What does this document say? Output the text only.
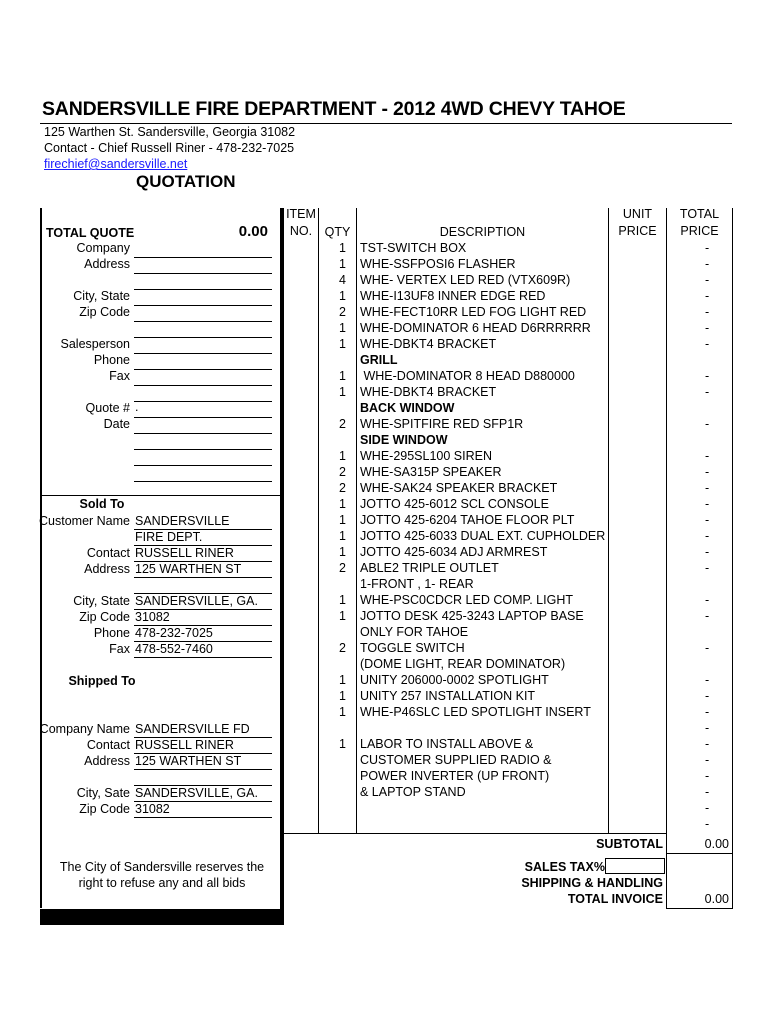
SANDERSVILLE FIRE DEPARTMENT - 2012 4WD CHEVY TAHOE
125 Warthen St. Sandersville, Georgia 31082
Contact - Chief Russell Riner - 478-232-7025
firechief@sandersville.net
QUOTATION
TOTAL QUOTE	0.00
Company
Address
City, State
Zip Code
Salesperson
Phone
Fax
Quote # .
Date
Sold To
Customer Name SANDERSVILLE
FIRE DEPT.
Contact RUSSELL RINER
Address 125 WARTHEN ST
City, State SANDERSVILLE, GA.
Zip Code 31082
Phone 478-232-7025
Fax 478-552-7460
Shipped To
Company Name SANDERSVILLE FD
Contact RUSSELL RINER
Address 125 WARTHEN ST
City, Sate SANDERSVILLE, GA.
Zip Code 31082
The City of Sandersville reserves the
right to refuse any and all bids
ITEM
NO.	QTY	DESCRIPTION
UNIT
PRICE
TOTAL
PRICE
1 TST-SWITCH BOX	-
1 WHE-SSFPOSI6 FLASHER	-
4 WHE- VERTEX LED RED (VTX609R)	-
1 WHE-I13UF8 INNER EDGE RED	-
2 WHE-FECT10RR LED FOG LIGHT RED	-
1 WHE-DOMINATOR 6 HEAD D6RRRRRR	-
1 WHE-DBKT4 BRACKET	-
GRILL
1 WHE-DOMINATOR 8 HEAD D880000	-
1 WHE-DBKT4 BRACKET	-
BACK WINDOW
2 WHE-SPITFIRE RED SFP1R	-
SIDE WINDOW
1 WHE-295SL100 SIREN	-
2 WHE-SA315P SPEAKER	-
2 WHE-SAK24 SPEAKER BRACKET	-
1 JOTTO 425-6012 SCL CONSOLE	-
1 JOTTO 425-6204 TAHOE FLOOR PLT	-
1 JOTTO 425-6033 DUAL EXT. CUPHOLDER	-
1 JOTTO 425-6034 ADJ ARMREST	-
2 ABLE2 TRIPLE OUTLET	-
1-FRONT , 1- REAR
1 WHE-PSC0CDCR LED COMP. LIGHT	-
1 JOTTO DESK 425-3243 LAPTOP BASE	-
ONLY FOR TAHOE
2 TOGGLE SWITCH	-
(DOME LIGHT, REAR DOMINATOR)
1 UNITY 206000-0002 SPOTLIGHT	-
1 UNITY 257 INSTALLATION KIT	-
1 WHE-P46SLC LED SPOTLIGHT INSERT	-
-
1 LABOR TO INSTALL ABOVE &	-
CUSTOMER SUPPLIED RADIO &	-
POWER INVERTER (UP FRONT)	-
& LAPTOP STAND	-
-
-
SUBTOTAL	0.00
SALES TAX%
SHIPPING & HANDLING
TOTAL INVOICE	0.00
